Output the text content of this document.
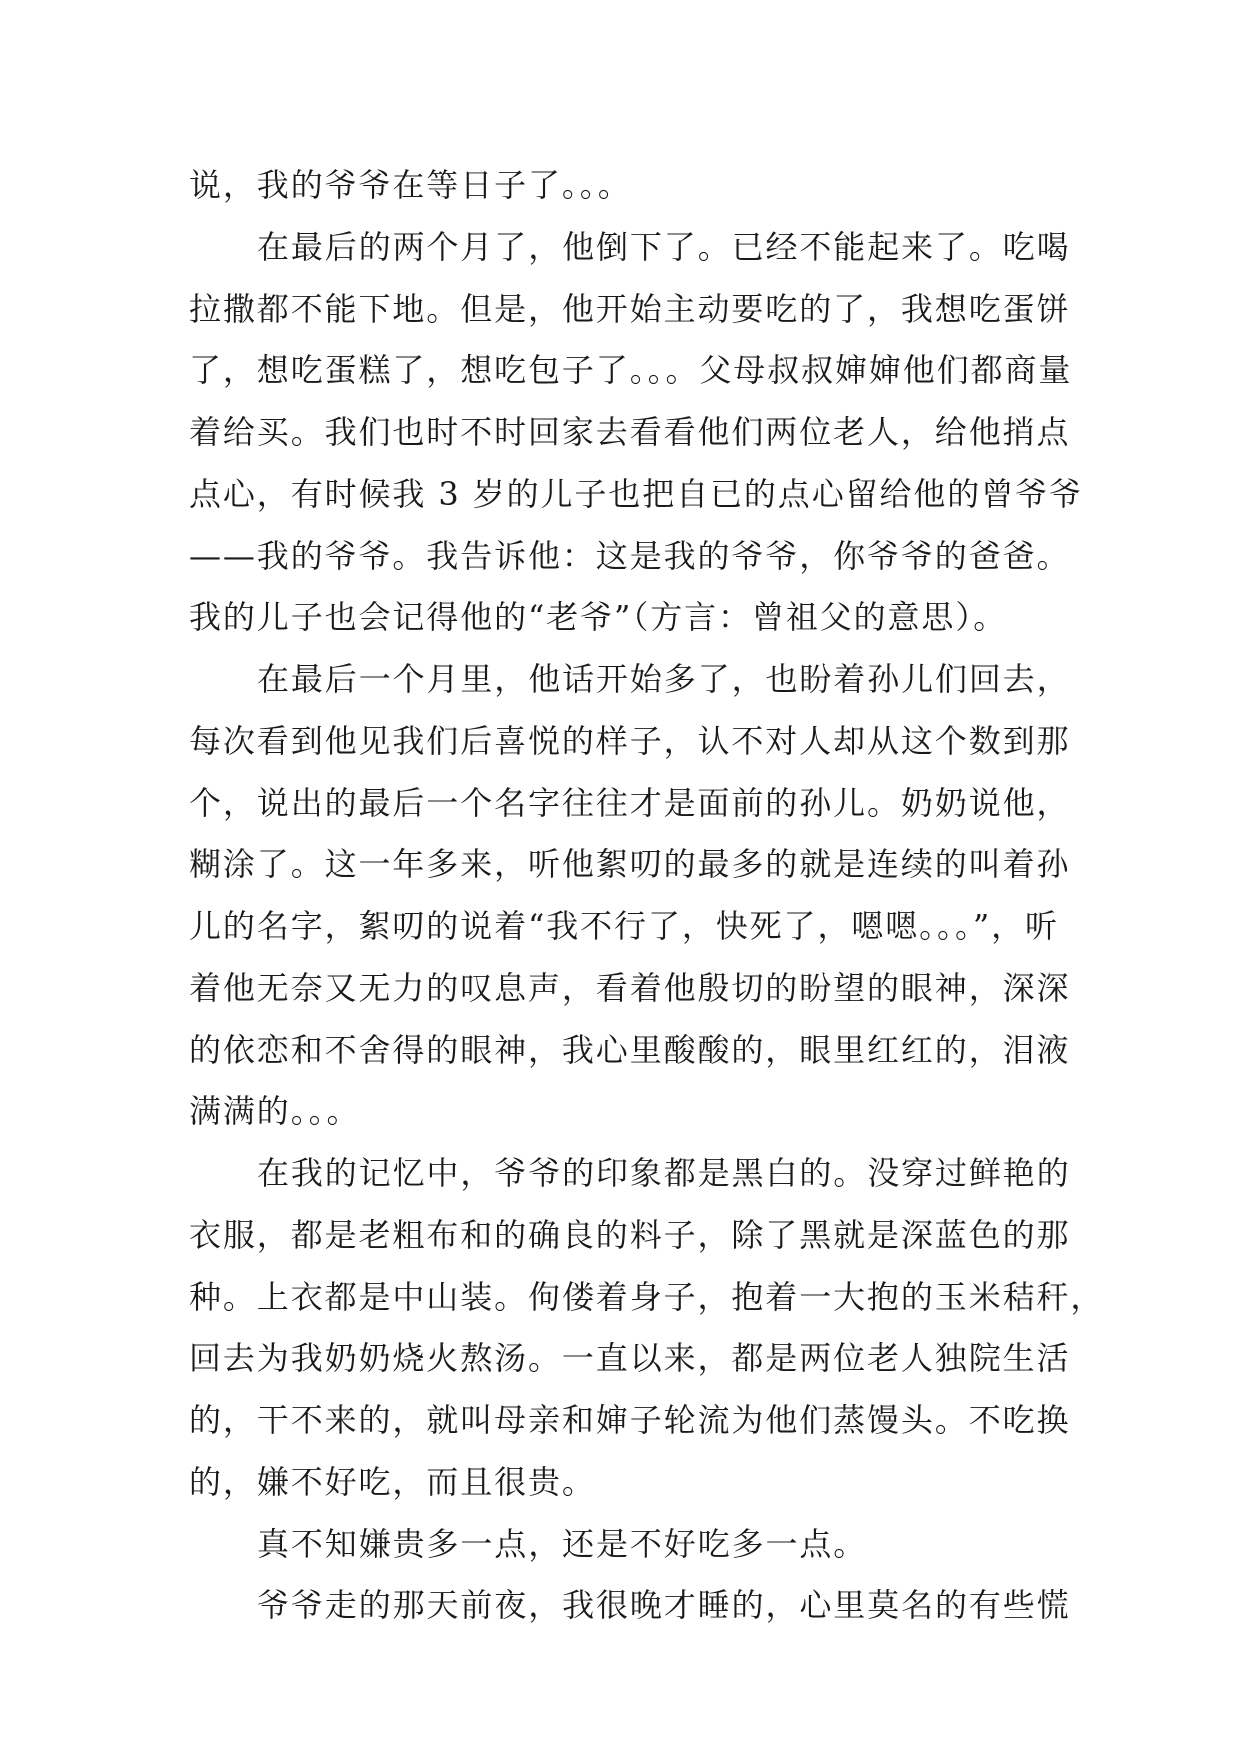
说，我的爷爷在等日子了。。。
在最后的两个月了，他倒下了。已经不能起来了。吃喝
拉撒都不能下地。但是，他开始主动要吃的了，我想吃蛋饼
了，想吃蛋糕了，想吃包子了。。。父母叔叔婶婶他们都商量
着给买。我们也时不时回家去看看他们两位老人，给他捎点
点心，有时候我 3 岁的儿子也把自已的点心留给他的曾爷爷
——我的爷爷。我告诉他：这是我的爷爷，你爷爷的爸爸。
我的儿子也会记得他的“老爷”（方言：曾祖父的意思）。
在最后一个月里，他话开始多了，也盼着孙儿们回去，
每次看到他见我们后喜悦的样子，认不对人却从这个数到那
个，说出的最后一个名字往往才是面前的孙儿。奶奶说他，
糊涂了。这一年多来，听他絮叨的最多的就是连续的叫着孙
儿的名字，絮叨的说着“我不行了，快死了，嗯嗯。。。”，听
着他无奈又无力的叹息声，看着他殷切的盼望的眼神，深深
的依恋和不舍得的眼神，我心里酸酸的，眼里红红的，泪液
满满的。。。
在我的记忆中，爷爷的印象都是黑白的。没穿过鲜艳的
衣服，都是老粗布和的确良的料子，除了黑就是深蓝色的那
种。上衣都是中山装。佝偻着身子，抱着一大抱的玉米秸秆，
回去为我奶奶烧火熬汤。一直以来，都是两位老人独院生活
的，干不来的，就叫母亲和婶子轮流为他们蒸馒头。不吃换
的，嫌不好吃，而且很贵。
真不知嫌贵多一点，还是不好吃多一点。
爷爷走的那天前夜，我很晚才睡的，心里莫名的有些慌
